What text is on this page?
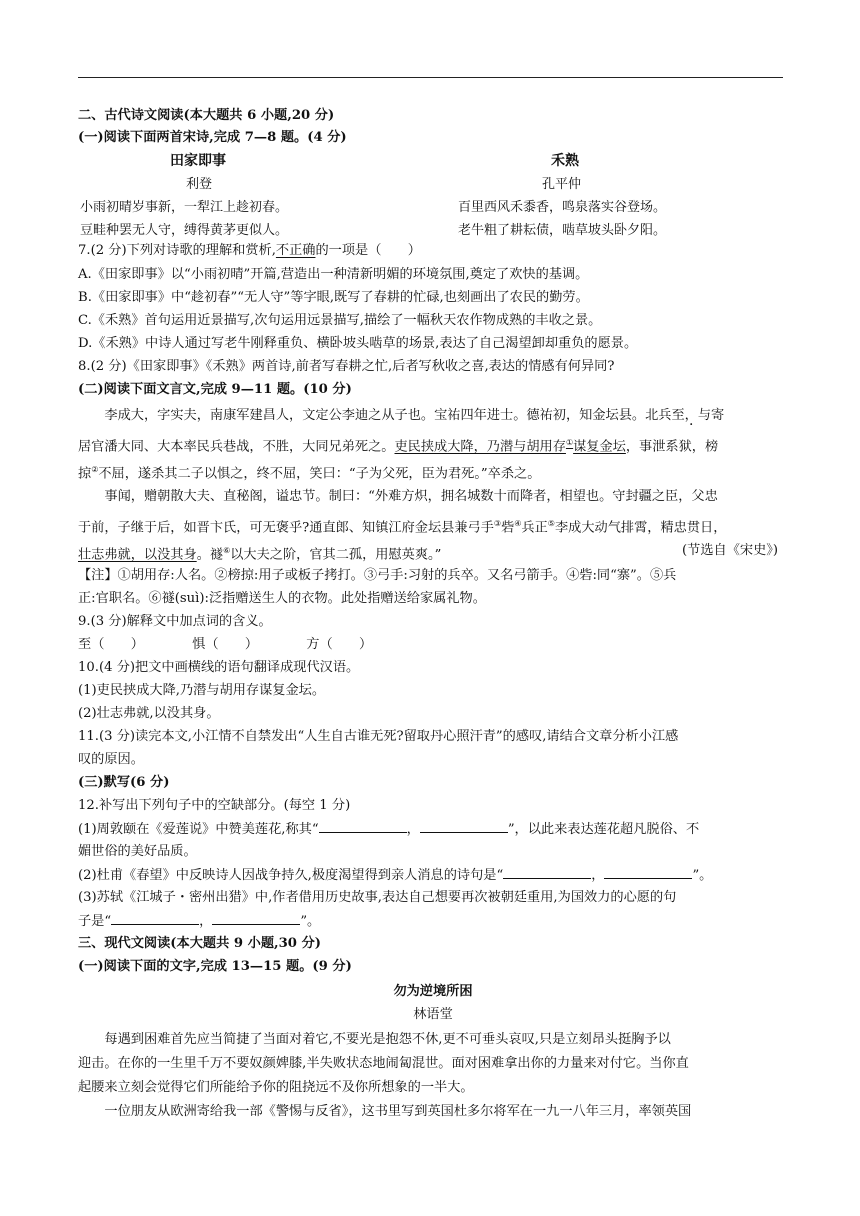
二、古代诗文阅读(本大题共 6 小题,20 分)
(一)阅读下面两首宋诗,完成 7—8 题。(4 分)
田家即事
利登
小雨初晴岁事新，一犁江上趁初春。
豆畦种罢无人守，缚得黄茅更似人。
禾熟
孔平仲
百里西风禾黍香，鸣泉落实谷登场。
老牛粗了耕耘债，啮草坡头卧夕阳。
7.(2 分)下列对诗歌的理解和赏析,不正确的一项是（　　）
A.《田家即事》以“小雨初晴”开篇,营造出一种清新明媚的环境氛围,奠定了欢快的基调。
B.《田家即事》中“趁初春”“无人守”等字眼,既写了春耕的忙碌,也刻画出了农民的勤劳。
C.《禾熟》首句运用近景描写,次句运用远景描写,描绘了一幅秋天农作物成熟的丰收之景。
D.《禾熟》中诗人通过写老牛刚释重负、横卧坡头啮草的场景,表达了自己渴望卸却重负的愿景。
8.(2 分)《田家即事》《禾熟》两首诗,前者写春耕之忙,后者写秋收之喜,表达的情感有何异同?
(二)阅读下面文言文,完成 9—11 题。(10 分)
李成大，字实夫，南康军建昌人，文定公李迪之从子也。宝祐四年进士。德祐初，知金坛县。北兵至，与寄
居官潘大同、大本率民兵巷战，不胜，大同兄弟死之。吏民挟成大降，乃潜与胡用存①谋复金坛，事泄系狱，榜
掠②不屈，遂杀其二子以惧之，终不屈，笑曰：“子为父死，臣为君死。”卒杀之。
事闻，赠朝散大夫、直秘阁，谥忠节。制曰：“外难方炽，拥名城数十而降者，相望也。守封疆之臣，父忠
于前，子继于后，如晋卞氏，可无褒乎?通直郎、知镇江府金坛县兼弓手③砦④兵正⑤李成大动气排霄，精忠贯日，
壮志弗就，以没其身。禭⑥以大夫之阶，官其二孤，用慰英爽。”	(节选自《宋史》)
【注】①胡用存:人名。②榜掠:用子或板子拷打。③弓手:习射的兵卒。又名弓箭手。④砦:同“寨”。⑤兵
正:官职名。⑥禭(suì):泛指赠送生人的衣物。此处指赠送给家属礼物。
9.(3 分)解释文中加点词的含义。
至（　　）	惧（　　）	方（　　）
10.(4 分)把文中画横线的语句翻译成现代汉语。
(1)吏民挟成大降,乃潜与胡用存谋复金坛。
(2)壮志弗就,以没其身。
11.(3 分)读完本文,小江情不自禁发出“人生自古谁无死?留取丹心照汗青”的感叹,请结合文章分析小江感
叹的原因。
(三)默写(6 分)
12.补写出下列句子中的空缺部分。(每空 1 分)
(1)周敦颐在《爱莲说》中赞美莲花,称其“	，	”，以此来表达莲花超凡脱俗、不
媚世俗的美好品质。
(2)杜甫《春望》中反映诗人因战争持久,极度渴望得到亲人消息的诗句是“	，	”。
(3)苏轼《江城子・密州出猎》中,作者借用历史故事,表达自己想要再次被朝廷重用,为国效力的心愿的句
子是“	，	”。
三、现代文阅读(本大题共 9 小题,30 分)
(一)阅读下面的文字,完成 13—15 题。(9 分)
勿为逆境所困
林语堂
每遇到困难首先应当简捷了当面对着它,不要光是抱怨不休,更不可垂头哀叹,只是立刻昂头挺胸予以
迎击。在你的一生里千万不要奴颜婢膝,半失败状态地闹匐混世。面对困难拿出你的力量来对付它。当你直
起腰来立刻会觉得它们所能给予你的阻挠远不及你所想象的一半大。
一位朋友从欧洲寄给我一部《警惕与反省》，这书里写到英国杜多尔将军在一九一八年三月，率领英国
